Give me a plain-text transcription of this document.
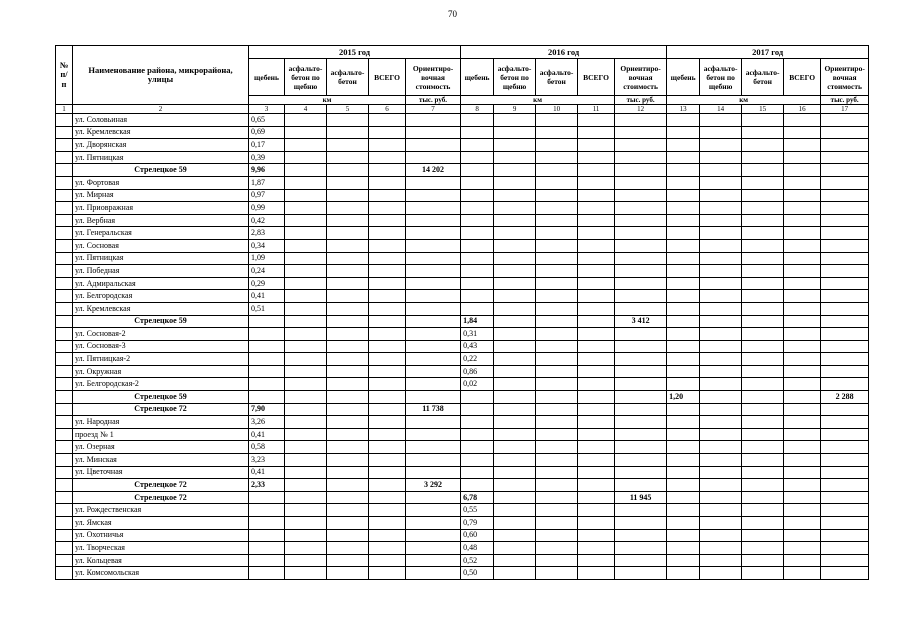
70
№ п/п	Наименование района, микрорайона, улицы	2015 год					2016 год					2017 год				
		щебень	асфальто-бетон по щебню	асфальто-бетон	ВСЕГО	Ориентиро-вочная стоимость	щебень	асфальто-бетон по щебню	асфальто-бетон	ВСЕГО	Ориентиро-вочная стоимость	щебень	асфальто-бетон по щебню	асфальто-бетон	ВСЕГО	Ориентиро-вочная стоимость
		км				тыс. руб.	км				тыс. руб.	км				тыс. руб.
1	2	3	4	5	6	7	8	9	10	11	12	13	14	15	16	17
	ул. Соловьиная	0,65														
	ул. Кремлевская	0,69														
	ул. Дворянская	0,17														
	ул. Пятницкая	0,39														
	Стрелецкое 59	9,96				14 202										
	ул. Фортовая	1,87														
	ул. Мирная	0,97														
	ул. Приовражная	0,99														
	ул. Вербная	0,42														
	ул. Генеральская	2,83														
	ул. Сосновая	0,34														
	ул. Пятницкая	1,09														
	ул. Победная	0,24														
	ул. Адмиральская	0,29														
	ул. Белгородская	0,41														
	ул. Кремлевская	0,51														
	Стрелецкое 59						1,84				3 412					
	ул. Сосновая-2						0,31									
	ул. Сосновая-3						0,43									
	ул. Пятницкая-2						0,22									
	ул. Окружная						0,86									
	ул. Белгородская-2						0,02									
	Стрелецкое 59											1,20				2 288
	Стрелецкое 72	7,90				11 738										
	ул. Народная	3,26														
	проезд № 1	0,41														
	ул. Озерная	0,58														
	ул. Минская	3,23														
	ул. Цветочная	0,41														
	Стрелецкое 72	2,33				3 292										
	Стрелецкое 72						6,78				11 945					
	ул. Рождественская						0,55									
	ул. Ямская						0,79									
	ул. Охотничья						0,60									
	ул. Творческая						0,48									
	ул. Кольцевая						0,52									
	ул. Комсомольская						0,50									
